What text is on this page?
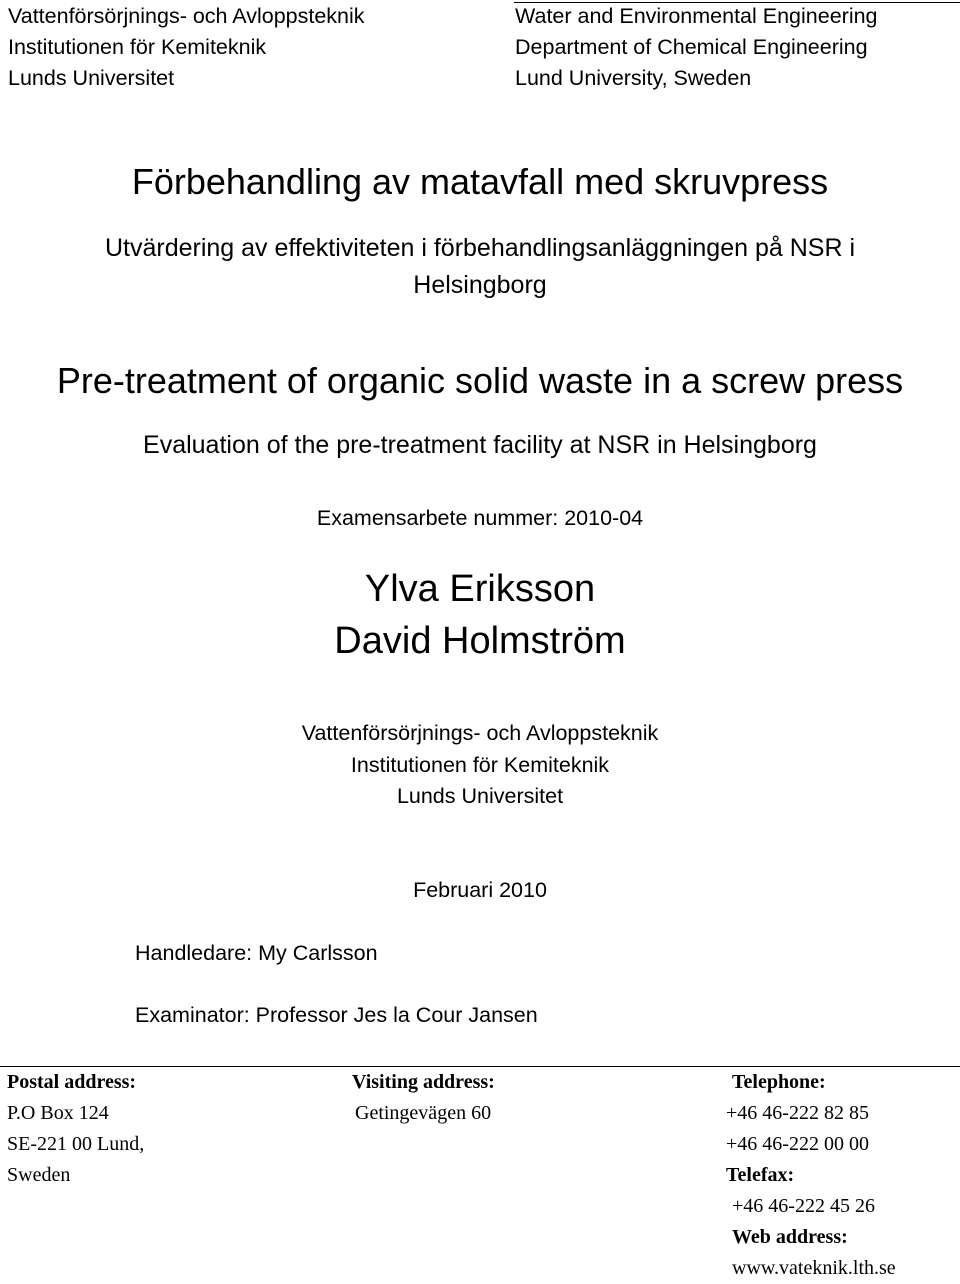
Vattenförsörjnings- och Avloppsteknik
Institutionen för Kemiteknik
Lunds Universitet
Water and Environmental Engineering
Department of Chemical Engineering
Lund University, Sweden
Förbehandling av matavfall med skruvpress
Utvärdering av effektiviteten i förbehandlingsanläggningen på NSR i
Helsingborg
Pre-treatment of organic solid waste in a screw press
Evaluation of the pre-treatment facility at NSR in Helsingborg
Examensarbete nummer: 2010-04
Ylva Eriksson
David Holmström
Vattenförsörjnings- och Avloppsteknik
Institutionen för Kemiteknik
Lunds Universitet
Februari 2010
Handledare: My Carlsson
Examinator: Professor Jes la Cour Jansen
Postal address:
P.O Box 124
SE-221 00 Lund,
Sweden
Visiting address:
Getingevägen 60
Telephone:
+46 46-222 82 85
+46 46-222 00 00
Telefax:
+46 46-222 45 26
Web address:
www.vateknik.lth.se
